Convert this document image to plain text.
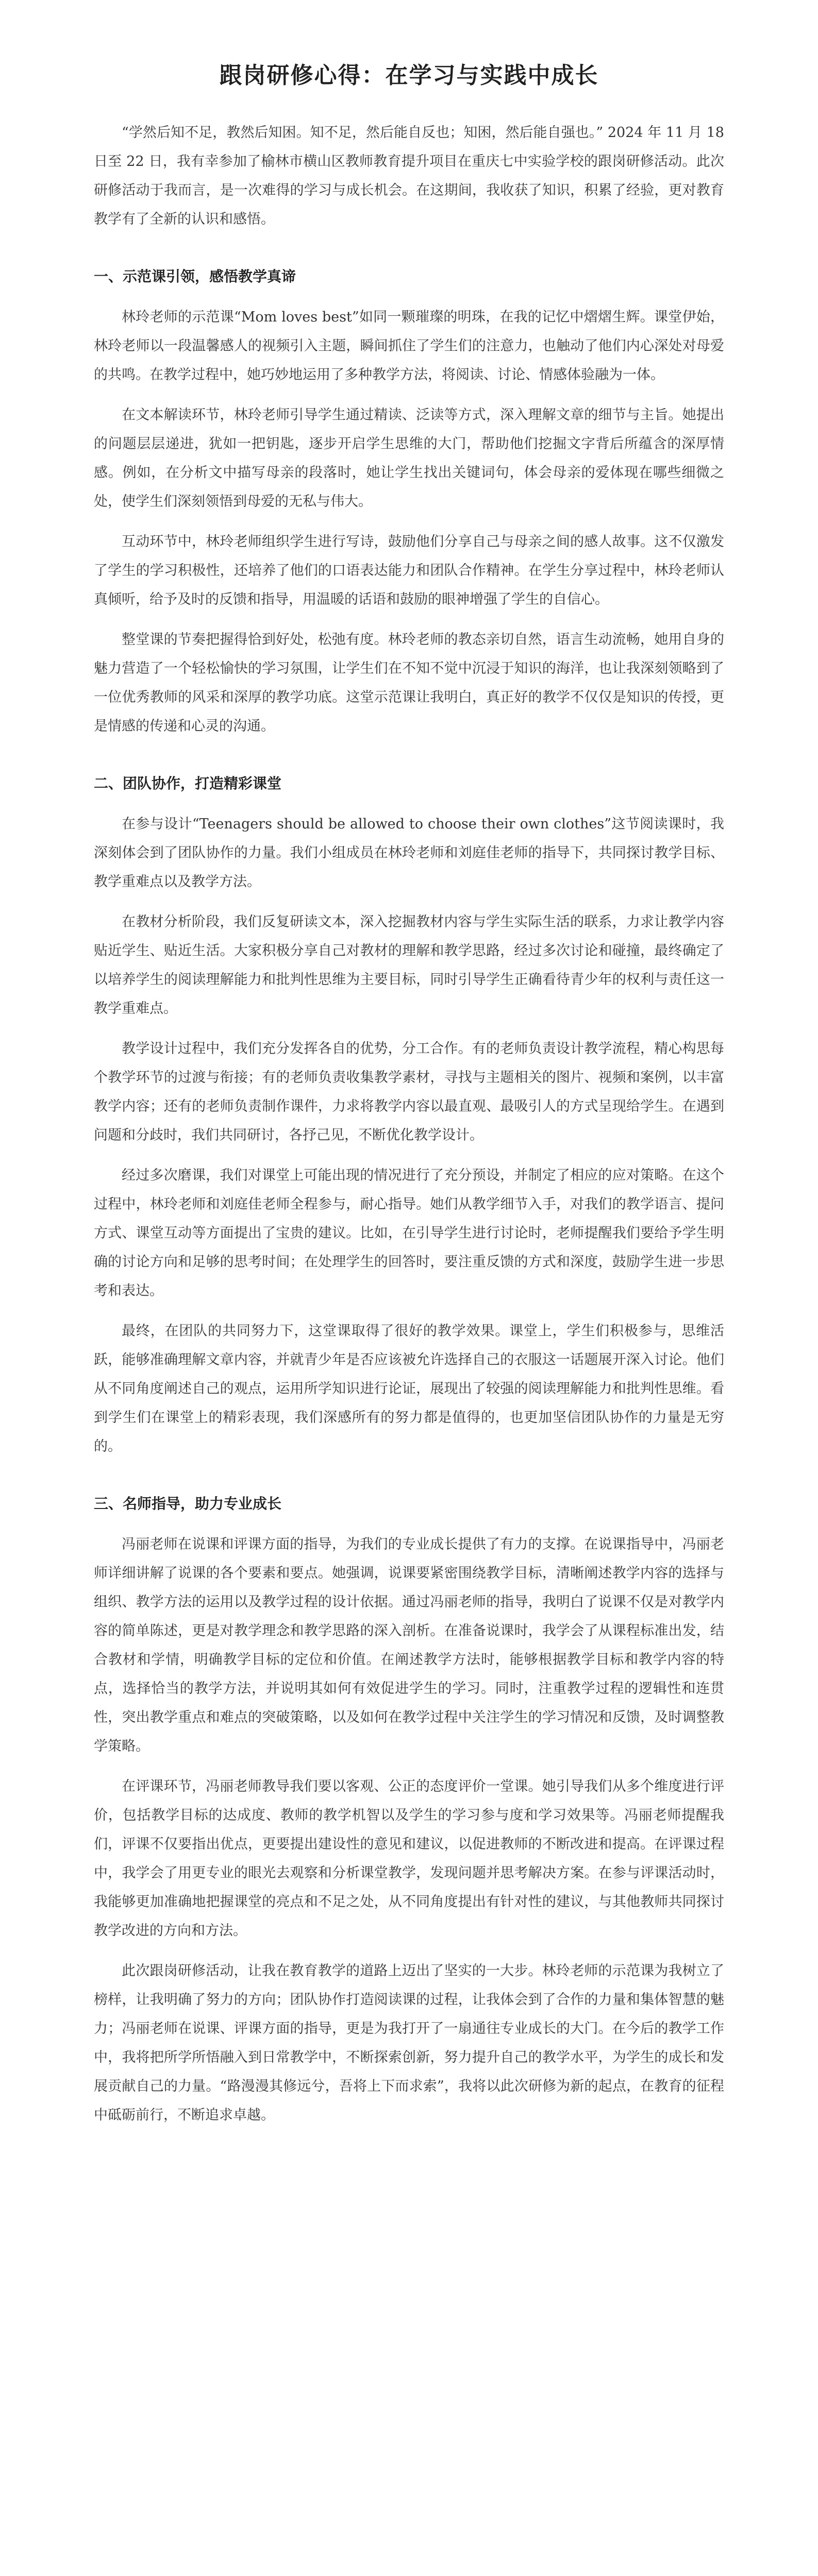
跟岗研修心得：在学习与实践中成长

“学然后知不足，教然后知困。知不足，然后能自反也；知困，然后能自强也。” 2024 年 11 月 18 日至 22 日，我有幸参加了榆林市横山区教师教育提升项目在重庆七中实验学校的跟岗研修活动。此次研修活动于我而言，是一次难得的学习与成长机会。在这期间，我收获了知识，积累了经验，更对教育教学有了全新的认识和感悟。

一、示范课引领，感悟教学真谛

林玲老师的示范课“Mom loves best”如同一颗璀璨的明珠，在我的记忆中熠熠生辉。课堂伊始，林玲老师以一段温馨感人的视频引入主题，瞬间抓住了学生们的注意力，也触动了他们内心深处对母爱的共鸣。在教学过程中，她巧妙地运用了多种教学方法，将阅读、讨论、情感体验融为一体。

在文本解读环节，林玲老师引导学生通过精读、泛读等方式，深入理解文章的细节与主旨。她提出的问题层层递进，犹如一把钥匙，逐步开启学生思维的大门，帮助他们挖掘文字背后所蕴含的深厚情感。例如，在分析文中描写母亲的段落时，她让学生找出关键词句，体会母亲的爱体现在哪些细微之处，使学生们深刻领悟到母爱的无私与伟大。

互动环节中，林玲老师组织学生进行写诗，鼓励他们分享自己与母亲之间的感人故事。这不仅激发了学生的学习积极性，还培养了他们的口语表达能力和团队合作精神。在学生分享过程中，林玲老师认真倾听，给予及时的反馈和指导，用温暖的话语和鼓励的眼神增强了学生的自信心。

整堂课的节奏把握得恰到好处，松弛有度。林玲老师的教态亲切自然，语言生动流畅，她用自身的魅力营造了一个轻松愉快的学习氛围，让学生们在不知不觉中沉浸于知识的海洋，也让我深刻领略到了一位优秀教师的风采和深厚的教学功底。这堂示范课让我明白，真正好的教学不仅仅是知识的传授，更是情感的传递和心灵的沟通。

二、团队协作，打造精彩课堂

在参与设计“Teenagers should be allowed to choose their own clothes”这节阅读课时，我深刻体会到了团队协作的力量。我们小组成员在林玲老师和刘庭佳老师的指导下，共同探讨教学目标、教学重难点以及教学方法。

在教材分析阶段，我们反复研读文本，深入挖掘教材内容与学生实际生活的联系，力求让教学内容贴近学生、贴近生活。大家积极分享自己对教材的理解和教学思路，经过多次讨论和碰撞，最终确定了以培养学生的阅读理解能力和批判性思维为主要目标，同时引导学生正确看待青少年的权利与责任这一教学重难点。

教学设计过程中，我们充分发挥各自的优势，分工合作。有的老师负责设计教学流程，精心构思每个教学环节的过渡与衔接；有的老师负责收集教学素材，寻找与主题相关的图片、视频和案例，以丰富教学内容；还有的老师负责制作课件，力求将教学内容以最直观、最吸引人的方式呈现给学生。在遇到问题和分歧时，我们共同研讨，各抒己见，不断优化教学设计。

经过多次磨课，我们对课堂上可能出现的情况进行了充分预设，并制定了相应的应对策略。在这个过程中，林玲老师和刘庭佳老师全程参与，耐心指导。她们从教学细节入手，对我们的教学语言、提问方式、课堂互动等方面提出了宝贵的建议。比如，在引导学生进行讨论时，老师提醒我们要给予学生明确的讨论方向和足够的思考时间；在处理学生的回答时，要注重反馈的方式和深度，鼓励学生进一步思考和表达。

最终，在团队的共同努力下，这堂课取得了很好的教学效果。课堂上，学生们积极参与，思维活跃，能够准确理解文章内容，并就青少年是否应该被允许选择自己的衣服这一话题展开深入讨论。他们从不同角度阐述自己的观点，运用所学知识进行论证，展现出了较强的阅读理解能力和批判性思维。看到学生们在课堂上的精彩表现，我们深感所有的努力都是值得的，也更加坚信团队协作的力量是无穷的。

三、名师指导，助力专业成长

冯丽老师在说课和评课方面的指导，为我们的专业成长提供了有力的支撑。在说课指导中，冯丽老师详细讲解了说课的各个要素和要点。她强调，说课要紧密围绕教学目标，清晰阐述教学内容的选择与组织、教学方法的运用以及教学过程的设计依据。通过冯丽老师的指导，我明白了说课不仅是对教学内容的简单陈述，更是对教学理念和教学思路的深入剖析。在准备说课时，我学会了从课程标准出发，结合教材和学情，明确教学目标的定位和价值。在阐述教学方法时，能够根据教学目标和教学内容的特点，选择恰当的教学方法，并说明其如何有效促进学生的学习。同时，注重教学过程的逻辑性和连贯性，突出教学重点和难点的突破策略，以及如何在教学过程中关注学生的学习情况和反馈，及时调整教学策略。

在评课环节，冯丽老师教导我们要以客观、公正的态度评价一堂课。她引导我们从多个维度进行评价，包括教学目标的达成度、教师的教学机智以及学生的学习参与度和学习效果等。冯丽老师提醒我们，评课不仅要指出优点，更要提出建设性的意见和建议，以促进教师的不断改进和提高。在评课过程中，我学会了用更专业的眼光去观察和分析课堂教学，发现问题并思考解决方案。在参与评课活动时，我能够更加准确地把握课堂的亮点和不足之处，从不同角度提出有针对性的建议，与其他教师共同探讨教学改进的方向和方法。

此次跟岗研修活动，让我在教育教学的道路上迈出了坚实的一大步。林玲老师的示范课为我树立了榜样，让我明确了努力的方向；团队协作打造阅读课的过程，让我体会到了合作的力量和集体智慧的魅力；冯丽老师在说课、评课方面的指导，更是为我打开了一扇通往专业成长的大门。在今后的教学工作中，我将把所学所悟融入到日常教学中，不断探索创新，努力提升自己的教学水平，为学生的成长和发展贡献自己的力量。“路漫漫其修远兮，吾将上下而求索”，我将以此次研修为新的起点，在教育的征程中砥砺前行，不断追求卓越。
